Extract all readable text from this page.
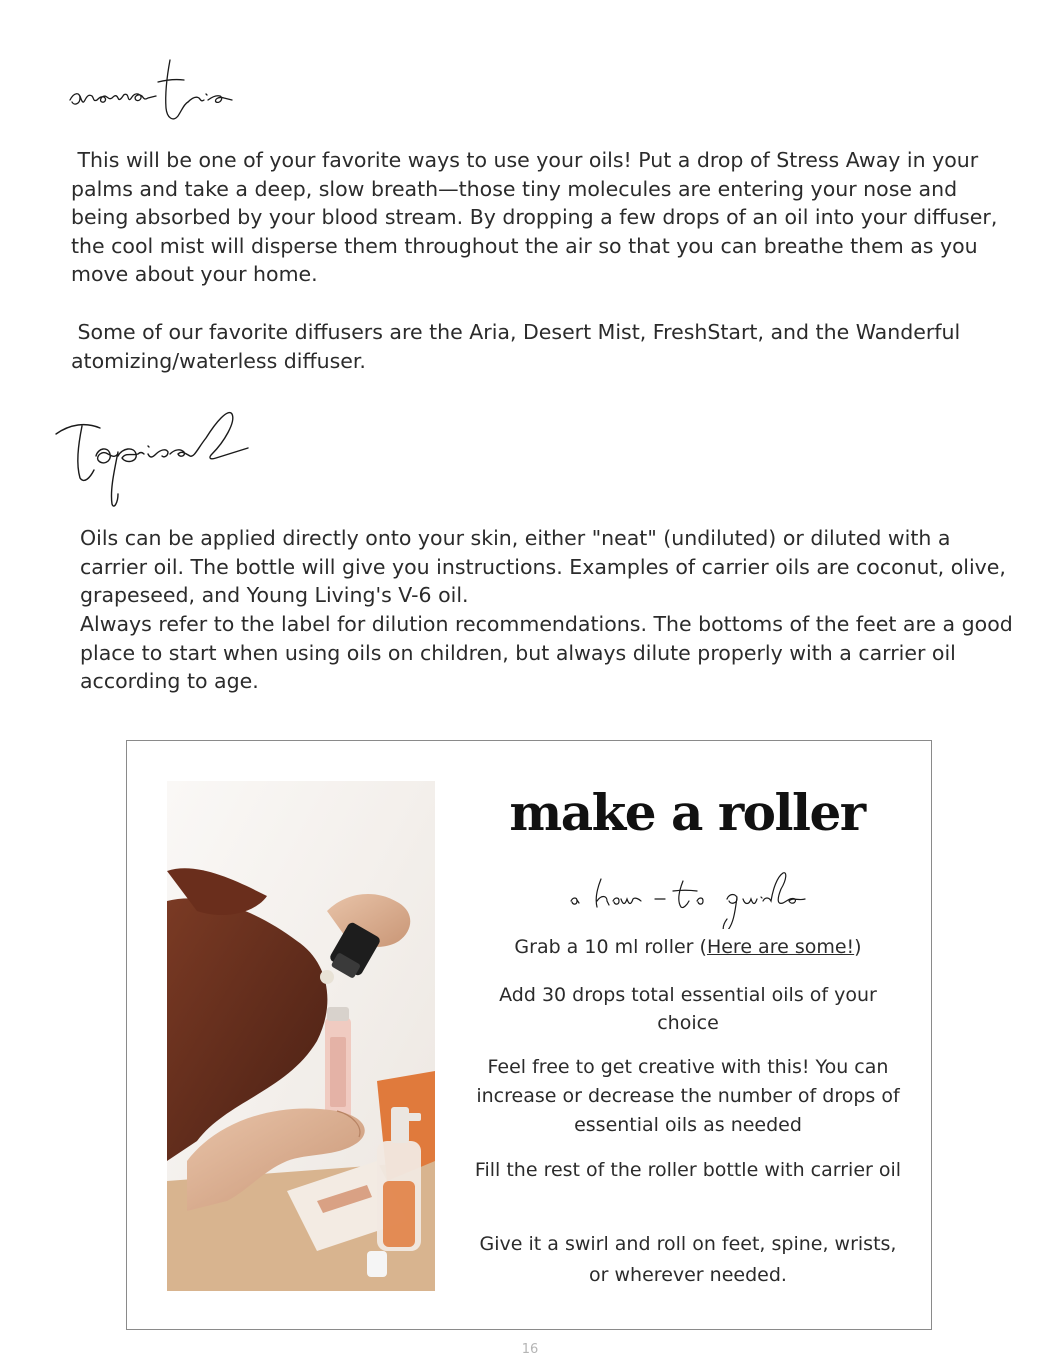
This will be one of your favorite ways to use your oils! Put a drop of Stress Away in your palms and take a deep, slow breath—those tiny molecules are entering your nose and being absorbed by your blood stream. By dropping a few drops of an oil into your diffuser, the cool mist will disperse them throughout the air so that you can breathe them as you move about your home.

Some of our favorite diffusers are the Aria, Desert Mist, FreshStart, and the Wanderful atomizing/waterless diffuser.

Oils can be applied directly onto your skin, either "neat" (undiluted) or diluted with a carrier oil. The bottle will give you instructions. Examples of carrier oils are coconut, olive, grapeseed, and Young Living's V-6 oil.

Always refer to the label for dilution recommendations. The bottoms of the feet are a good place to start when using oils on children, but always dilute properly with a carrier oil according to age.

make a roller

Grab a 10 ml roller (Here are some!)

Add 30 drops total essential oils of your choice

Feel free to get creative with this! You can increase or decrease the number of drops of essential oils as needed

Fill the rest of the roller bottle with carrier oil

Give it a swirl and roll on feet, spine, wrists, or wherever needed.

16
